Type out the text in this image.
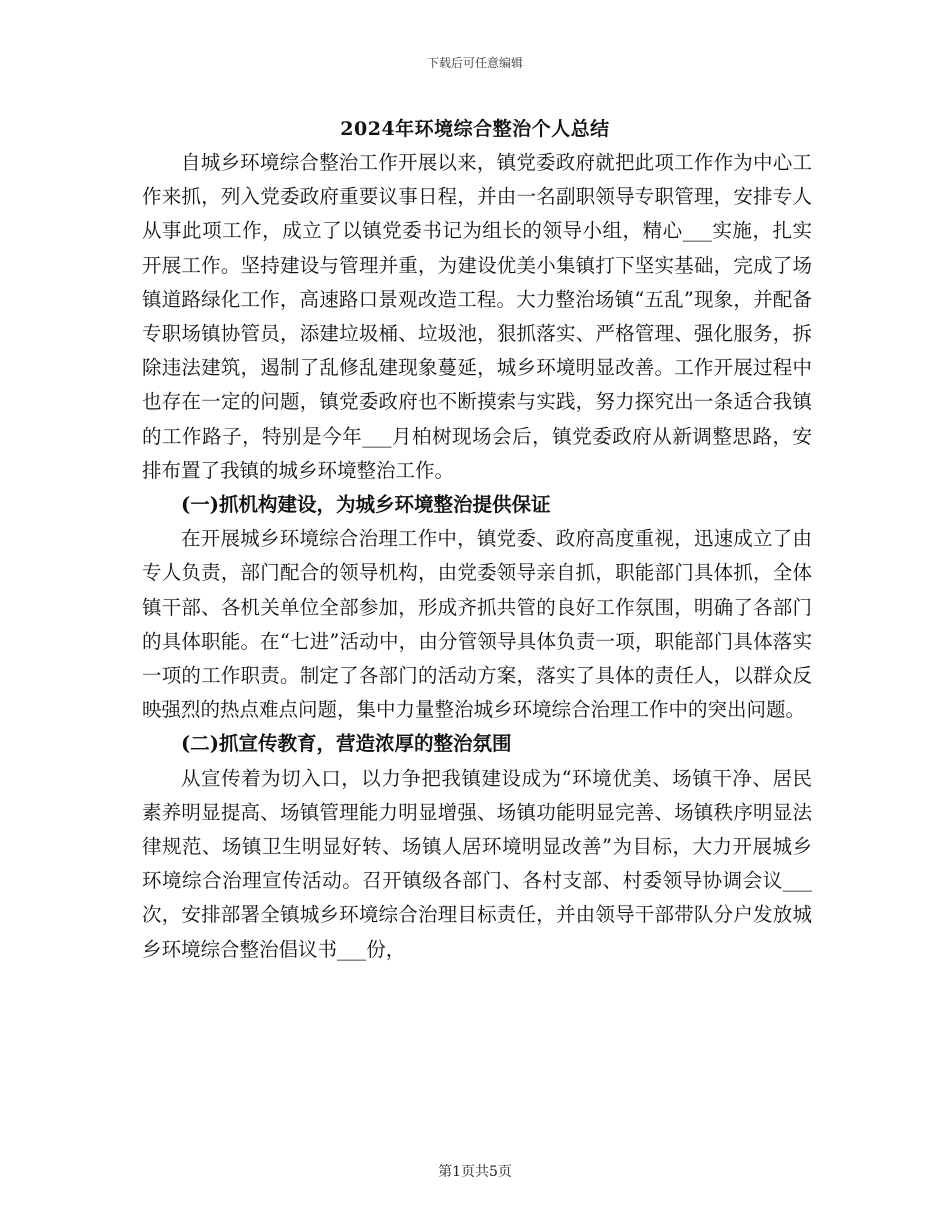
下载后可任意编辑
2024年环境综合整治个人总结

自城乡环境综合整治工作开展以来，镇党委政府就把此项工作作为中心工作来抓，列入党委政府重要议事日程，并由一名副职领导专职管理，安排专人从事此项工作，成立了以镇党委书记为组长的领导小组，精心___实施，扎实开展工作。坚持建设与管理并重，为建设优美小集镇打下坚实基础，完成了场镇道路绿化工作，高速路口景观改造工程。大力整治场镇“五乱”现象，并配备专职场镇协管员，添建垃圾桶、垃圾池，狠抓落实、严格管理、强化服务，拆除违法建筑，遏制了乱修乱建现象蔓延，城乡环境明显改善。工作开展过程中也存在一定的问题，镇党委政府也不断摸索与实践，努力探究出一条适合我镇的工作路子，特别是今年___月柏树现场会后，镇党委政府从新调整思路，安排布置了我镇的城乡环境整治工作。

(一)抓机构建设，为城乡环境整治提供保证

在开展城乡环境综合治理工作中，镇党委、政府高度重视，迅速成立了由专人负责，部门配合的领导机构，由党委领导亲自抓，职能部门具体抓，全体镇干部、各机关单位全部参加，形成齐抓共管的良好工作氛围，明确了各部门的具体职能。在“七进”活动中，由分管领导具体负责一项，职能部门具体落实一项的工作职责。制定了各部门的活动方案，落实了具体的责任人，以群众反映强烈的热点难点问题，集中力量整治城乡环境综合治理工作中的突出问题。

(二)抓宣传教育，营造浓厚的整治氛围

从宣传着为切入口，以力争把我镇建设成为“环境优美、场镇干净、居民素养明显提高、场镇管理能力明显增强、场镇功能明显完善、场镇秩序明显法律规范、场镇卫生明显好转、场镇人居环境明显改善”为目标，大力开展城乡环境综合治理宣传活动。召开镇级各部门、各村支部、村委领导协调会议___次，安排部署全镇城乡环境综合治理目标责任，并由领导干部带队分户发放城乡环境综合整治倡议书___份，

第1页共5页
